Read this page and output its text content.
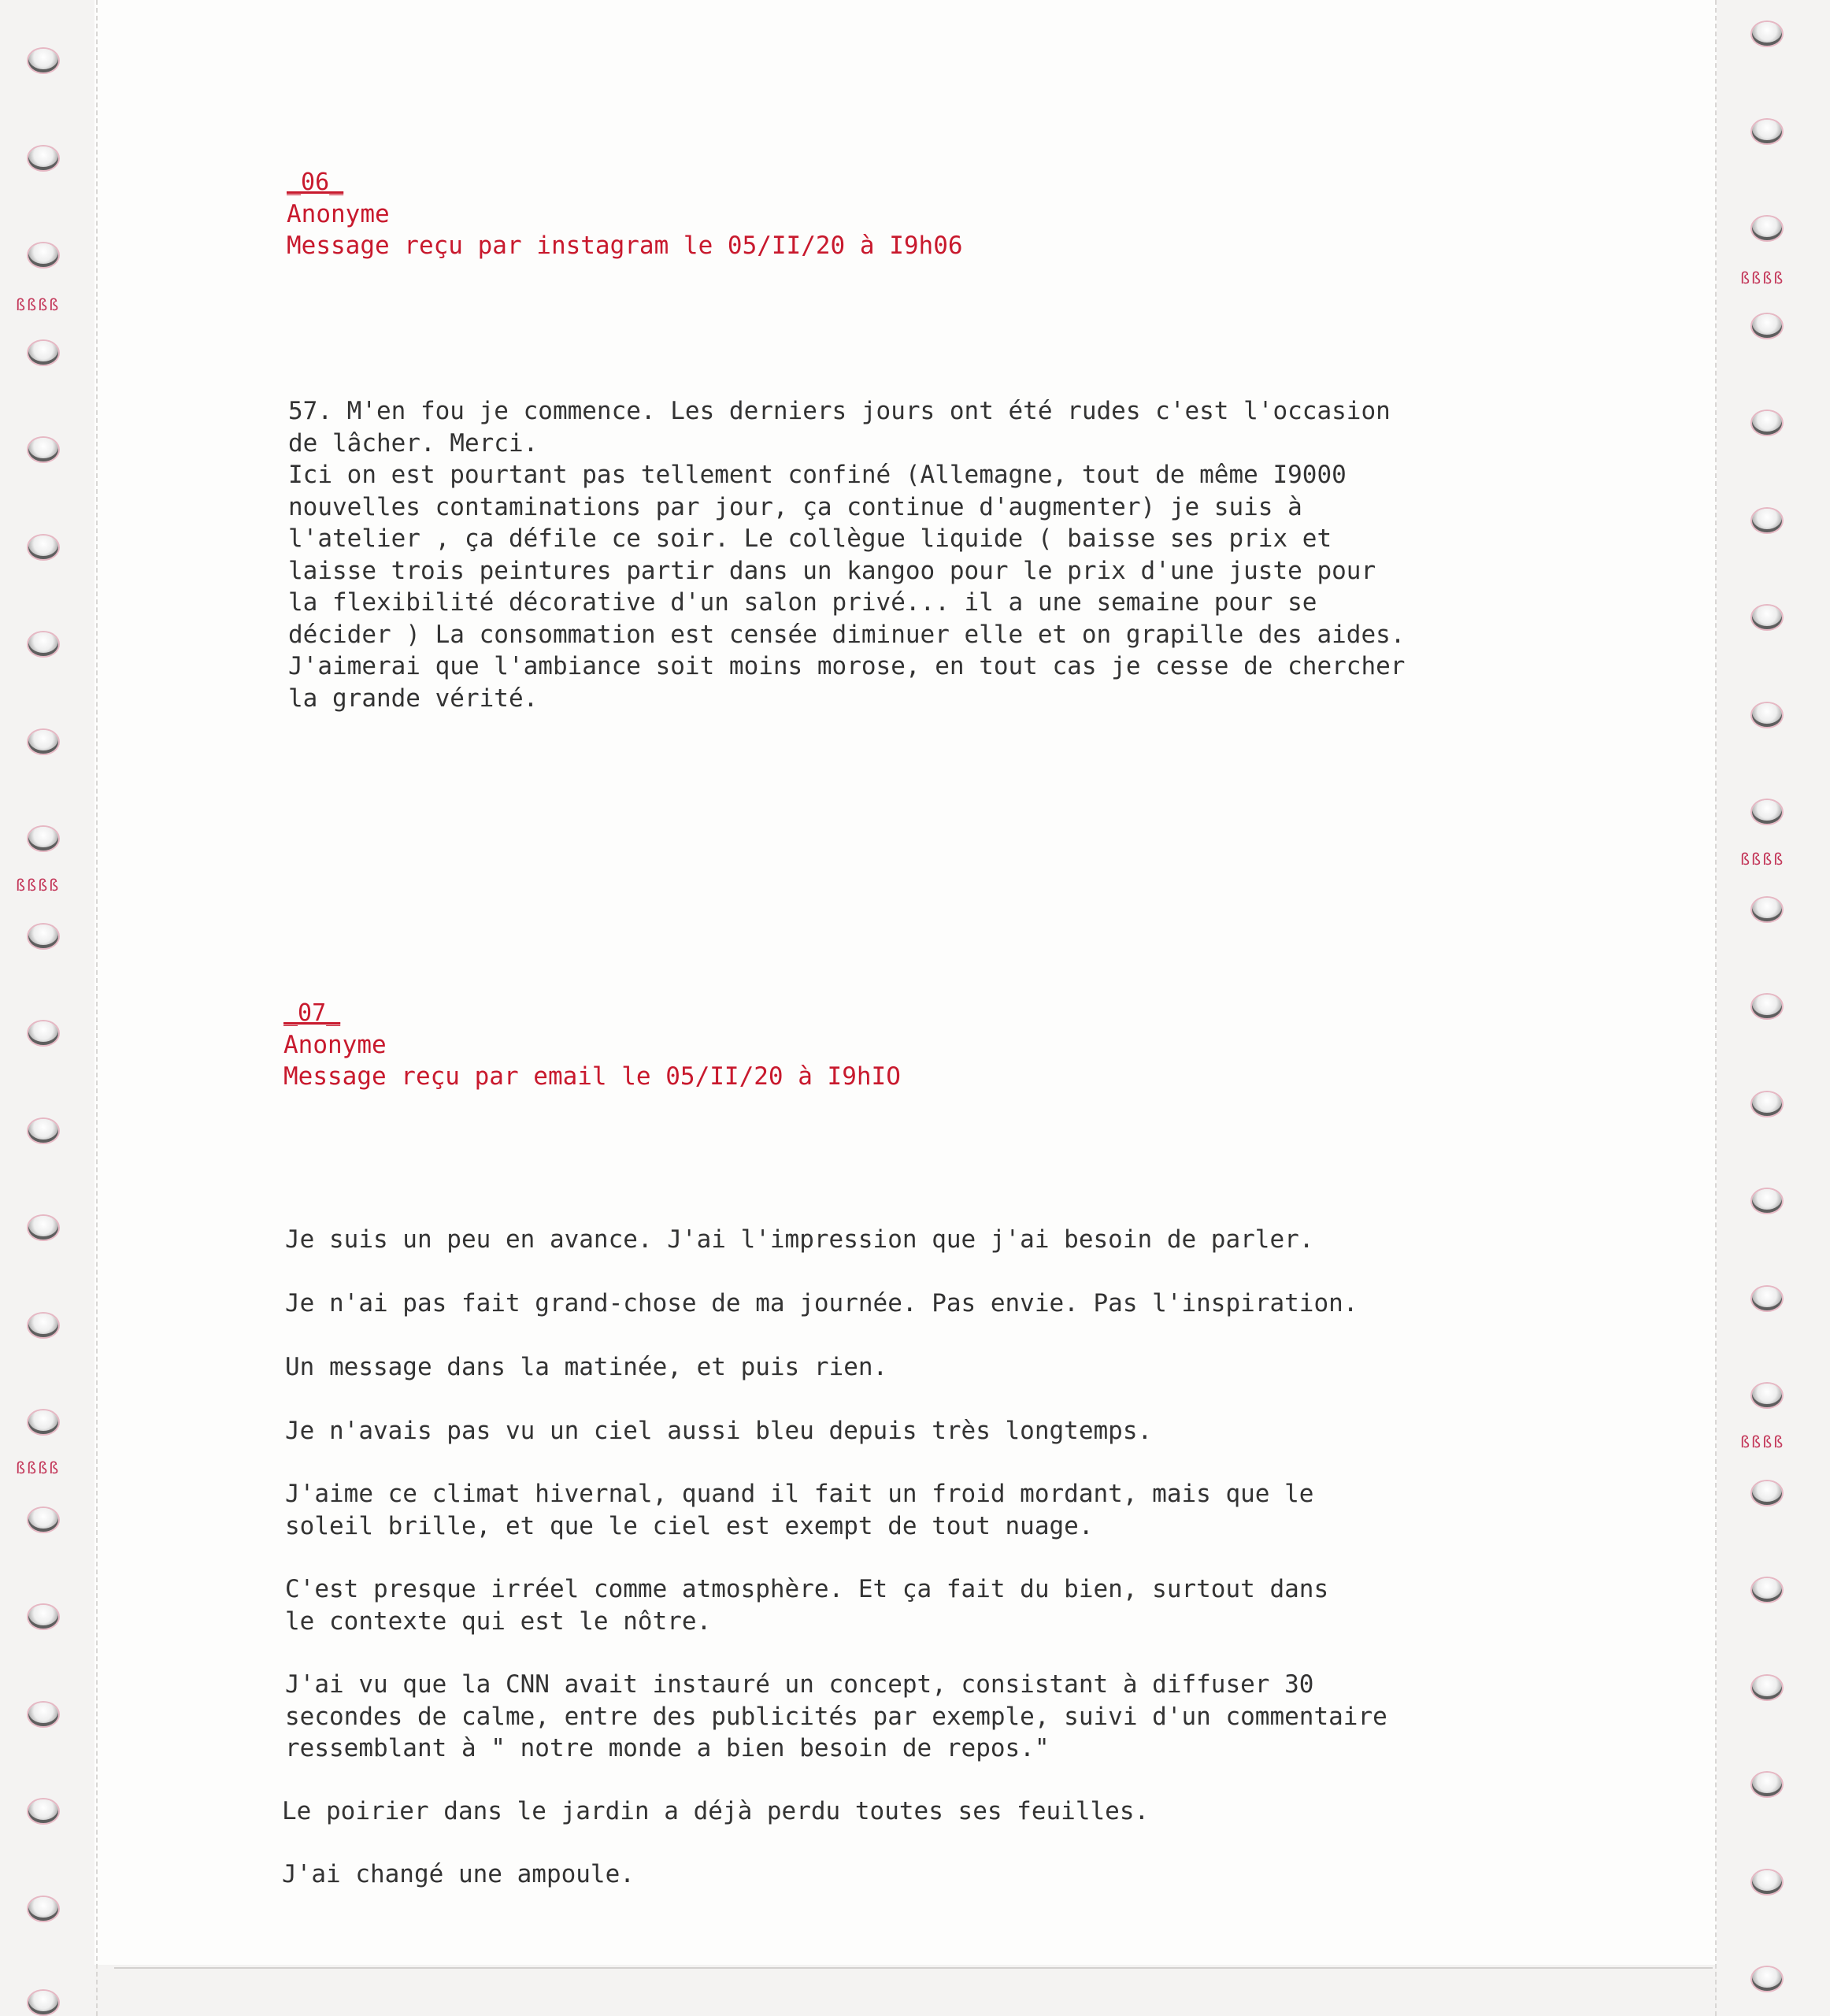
ßßßß
ßßßß
ßßßß
ßßßß
ßßßß
ßßßß
_06_
Anonyme
Message reçu par instagram le 05/II/20 à I9h06
57. M'en fou je commence. Les derniers jours ont été rudes c'est l'occasion
de lâcher. Merci.
Ici on est pourtant pas tellement confiné (Allemagne, tout de même I9000
nouvelles contaminations par jour, ça continue d'augmenter) je suis à
l'atelier , ça défile ce soir. Le collègue liquide ( baisse ses prix et
laisse trois peintures partir dans un kangoo pour le prix d'une juste pour
la flexibilité décorative d'un salon privé... il a une semaine pour se
décider ) La consommation est censée diminuer elle et on grapille des aides.
J'aimerai que l'ambiance soit moins morose, en tout cas je cesse de chercher
la grande vérité.
_07_
Anonyme
Message reçu par email le 05/II/20 à I9hIO
Je suis un peu en avance. J'ai l'impression que j'ai besoin de parler.
Je n'ai pas fait grand-chose de ma journée. Pas envie. Pas l'inspiration.
Un message dans la matinée, et puis rien.
Je n'avais pas vu un ciel aussi bleu depuis très longtemps.
J'aime ce climat hivernal, quand il fait un froid mordant, mais que le
soleil brille, et que le ciel est exempt de tout nuage.
C'est presque irréel comme atmosphère. Et ça fait du bien, surtout dans
le contexte qui est le nôtre.
J'ai vu que la CNN avait instauré un concept, consistant à diffuser 30
secondes de calme, entre des publicités par exemple, suivi d'un commentaire
ressemblant à " notre monde a bien besoin de repos."
Le poirier dans le jardin a déjà perdu toutes ses feuilles.
J'ai changé une ampoule.
